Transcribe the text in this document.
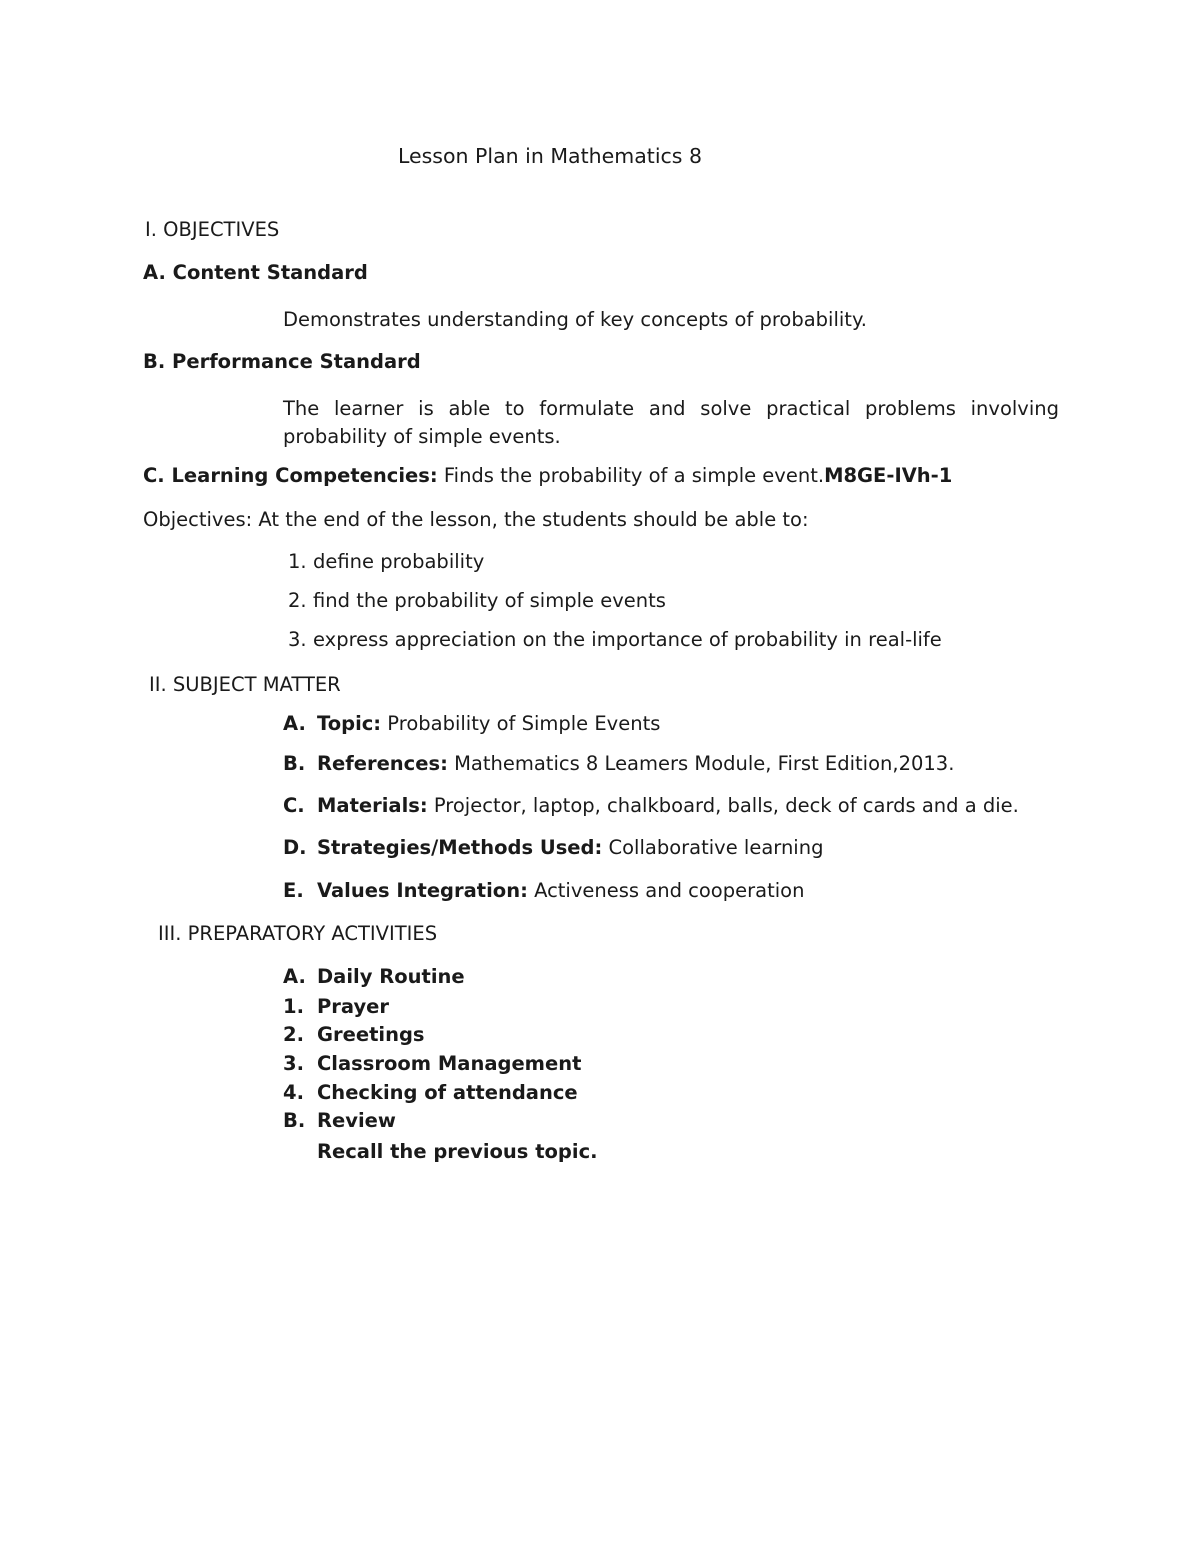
Lesson Plan in Mathematics 8
I. OBJECTIVES
A. Content Standard
Demonstrates understanding of key concepts of probability.
B. Performance Standard
The learner is able to formulate and solve practical problems involving
probability of simple events.
C. Learning Competencies: Finds the probability of a simple event.M8GE-IVh-1
Objectives: At the end of the lesson, the students should be able to:
1. define probability
2. find the probability of simple events
3. express appreciation on the importance of probability in real-life
II. SUBJECT MATTER
A. Topic: Probability of Simple Events
B. References: Mathematics 8 Leamers Module, First Edition,2013.
C. Materials: Projector, laptop, chalkboard, balls, deck of cards and a die.
D. Strategies/Methods Used: Collaborative learning
E. Values Integration: Activeness and cooperation
III. PREPARATORY ACTIVITIES
A. Daily Routine
1. Prayer
2. Greetings
3. Classroom Management
4. Checking of attendance
B. Review
Recall the previous topic.
